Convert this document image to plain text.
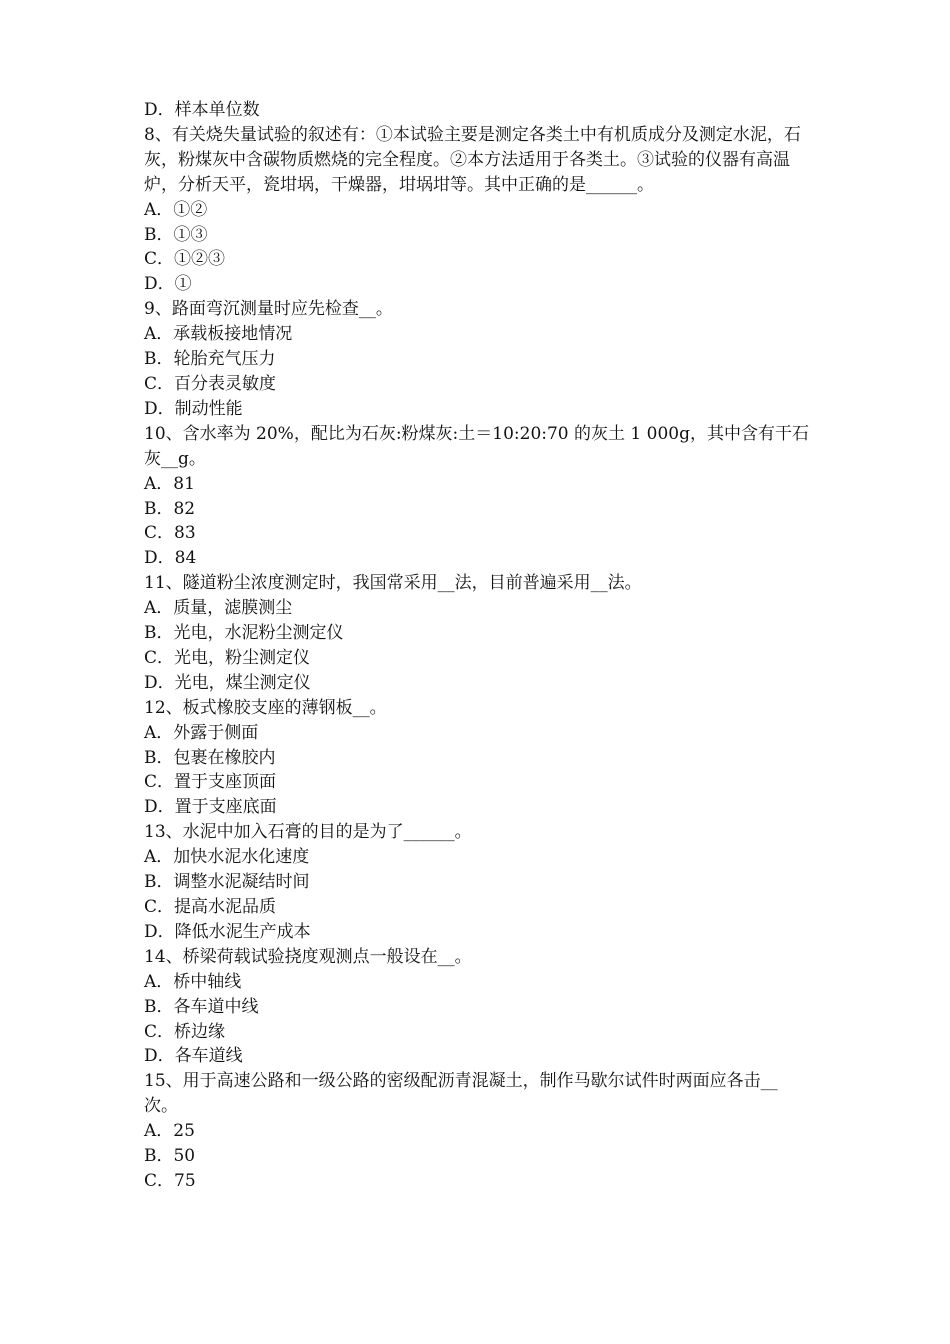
D．样本单位数

8、有关烧失量试验的叙述有：①本试验主要是测定各类土中有机质成分及测定水泥，石灰，粉煤灰中含碳物质燃烧的完全程度。②本方法适用于各类土。③试验的仪器有高温炉，分析天平，瓷坩埚，干燥器，坩埚坩等。其中正确的是______。

A．①②

B．①③

C．①②③

D．①

9、路面弯沉测量时应先检查__。

A．承载板接地情况

B．轮胎充气压力

C．百分表灵敏度

D．制动性能

10、含水率为 20%，配比为石灰:粉煤灰:土＝10:20:70 的灰土 1 000g，其中含有干石灰__g。

A．81

B．82

C．83

D．84

11、隧道粉尘浓度测定时，我国常采用__法，目前普遍采用__法。

A．质量，滤膜测尘

B．光电，水泥粉尘测定仪

C．光电，粉尘测定仪

D．光电，煤尘测定仪

12、板式橡胶支座的薄钢板__。

A．外露于侧面

B．包裹在橡胶内

C．置于支座顶面

D．置于支座底面

13、水泥中加入石膏的目的是为了______。

A．加快水泥水化速度

B．调整水泥凝结时间

C．提高水泥品质

D．降低水泥生产成本

14、桥梁荷载试验挠度观测点一般设在__。

A．桥中轴线

B．各车道中线

C．桥边缘

D．各车道线

15、用于高速公路和一级公路的密级配沥青混凝土，制作马歇尔试件时两面应各击__次。

A．25

B．50

C．75
